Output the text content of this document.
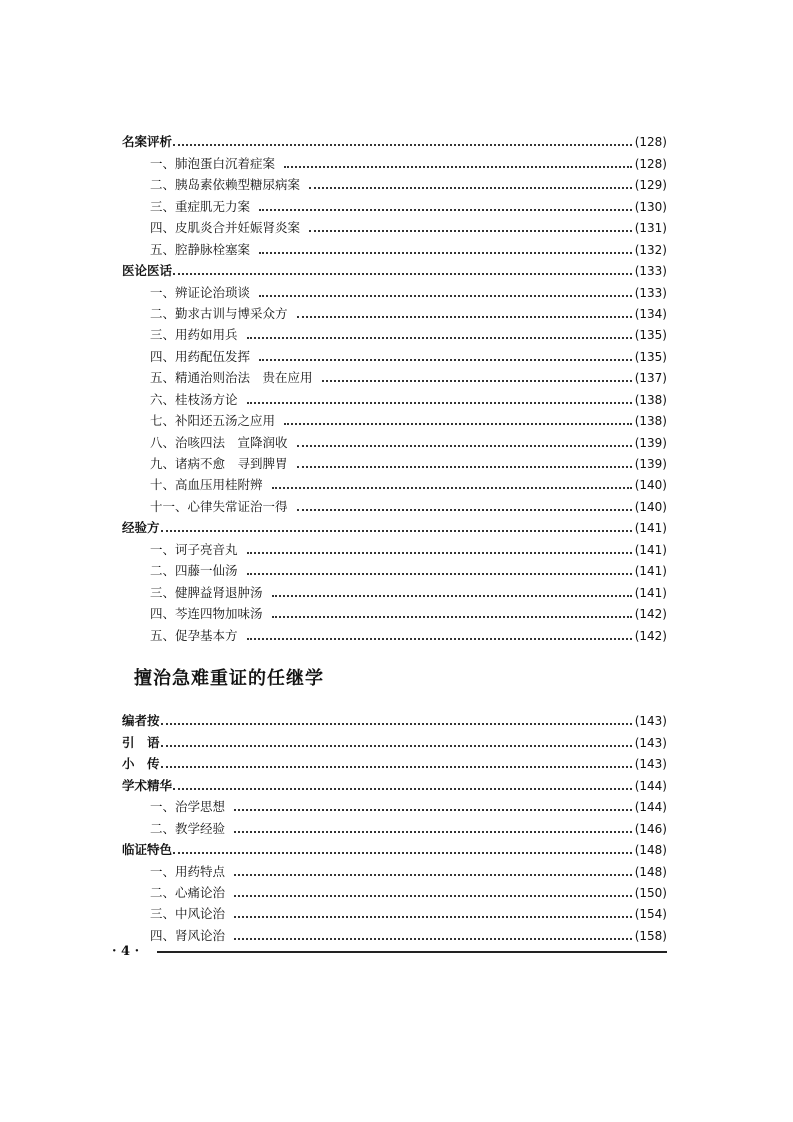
名案评析	(128)
一、肺泡蛋白沉着症案	(128)
二、胰岛素依赖型糖尿病案	(129)
三、重症肌无力案	(130)
四、皮肌炎合并妊娠肾炎案	(131)
五、腔静脉栓塞案	(132)
医论医话	(133)
一、辨证论治琐谈	(133)
二、勤求古训与博采众方	(134)
三、用药如用兵	(135)
四、用药配伍发挥	(135)
五、精通治则治法　贵在应用	(137)
六、桂枝汤方论	(138)
七、补阳还五汤之应用	(138)
八、治咳四法　宣降润收	(139)
九、诸病不愈　寻到脾胃	(139)
十、高血压用桂附辨	(140)
十一、心律失常证治一得	(140)
经验方	(141)
一、诃子亮音丸	(141)
二、四藤一仙汤	(141)
三、健脾益肾退肿汤	(141)
四、芩连四物加味汤	(142)
五、促孕基本方	(142)
擅治急难重证的任继学
编者按	(143)
引　语	(143)
小　传	(143)
学术精华	(144)
一、治学思想	(144)
二、教学经验	(146)
临证特色	(148)
一、用药特点	(148)
二、心痛论治	(150)
三、中风论治	(154)
四、肾风论治	(158)
· 4 ·
